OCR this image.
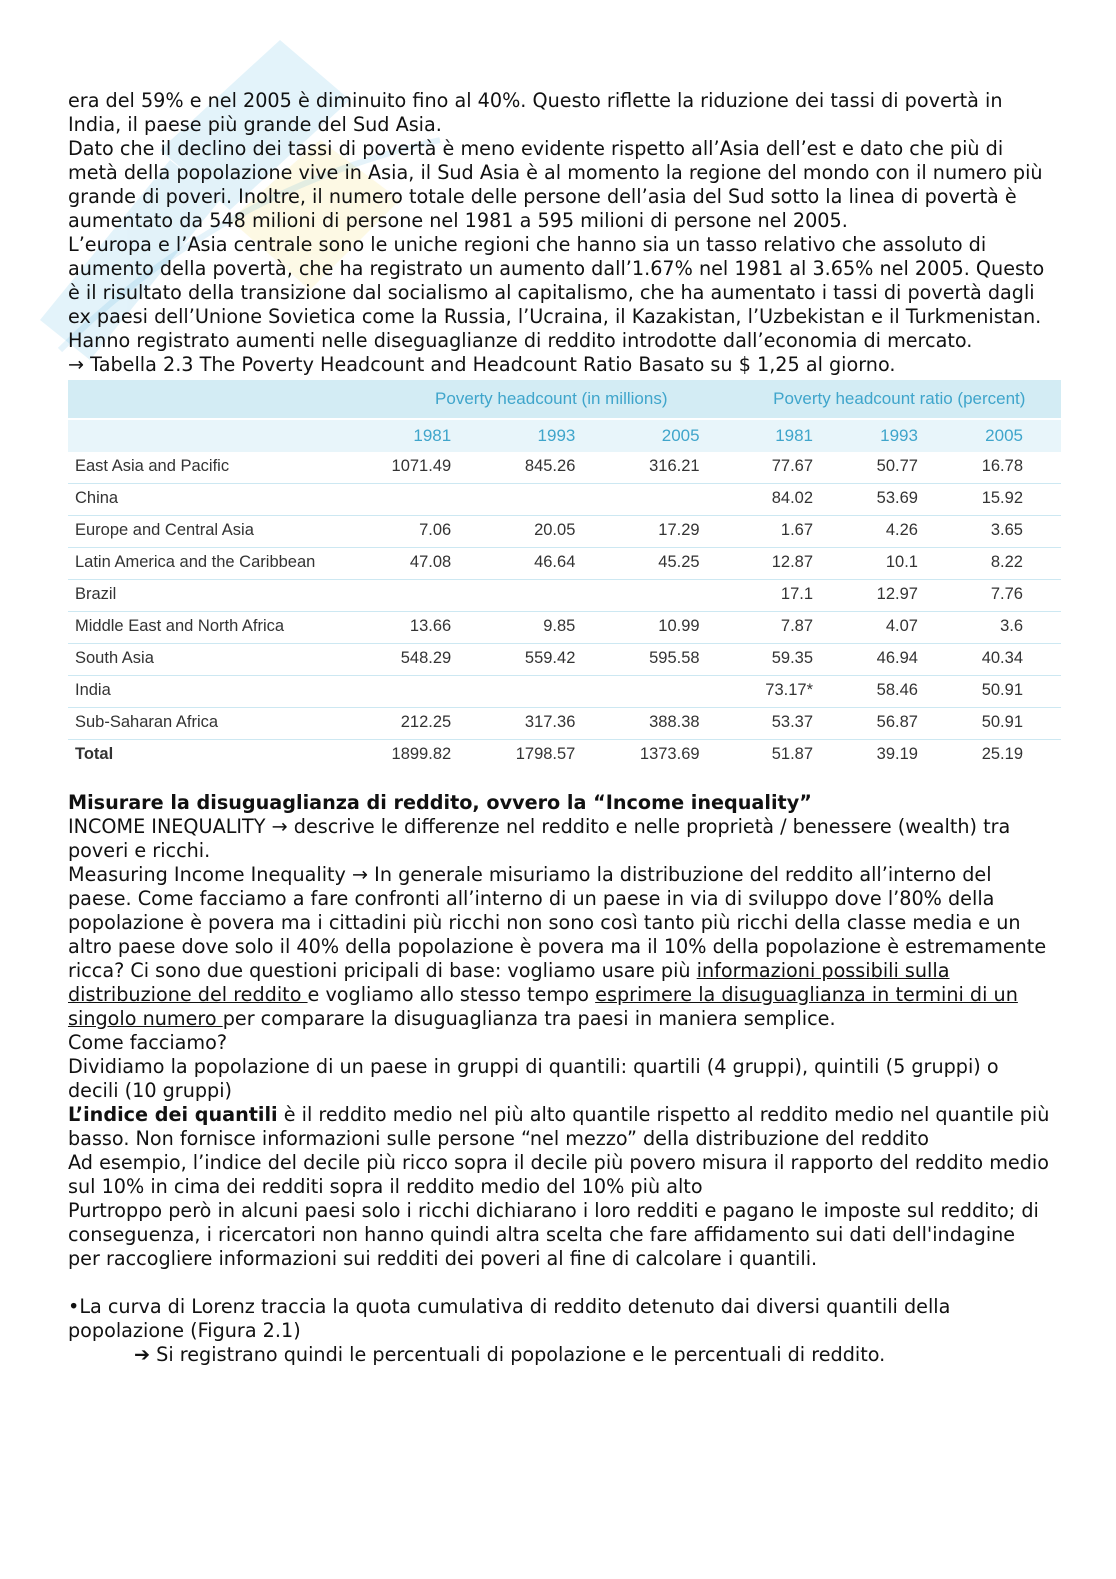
era del 59% e nel 2005 è diminuito fino al 40%. Questo riflette la riduzione dei tassi di povertà in India, il paese più grande del Sud Asia.

Dato che il declino dei tassi di povertà è meno evidente rispetto all’Asia dell’est e dato che più di metà della popolazione vive in Asia, il Sud Asia è al momento la regione del mondo con il numero più grande di poveri. Inoltre, il numero totale delle persone dell’asia del Sud sotto la linea di povertà è aumentato da 548 milioni di persone nel 1981 a 595 milioni di persone nel 2005.

L’europa e l’Asia centrale sono le uniche regioni che hanno sia un tasso relativo che assoluto di aumento della povertà, che ha registrato un aumento dall’1.67% nel 1981 al 3.65% nel 2005. Questo è il risultato della transizione dal socialismo al capitalismo, che ha aumentato i tassi di povertà dagli ex paesi dell’Unione Sovietica come la Russia, l’Ucraina, il Kazakistan, l’Uzbekistan e il Turkmenistan. Hanno registrato aumenti nelle diseguaglianze di reddito introdotte dall’economia di mercato.

→ Tabella 2.3 The Poverty Headcount and Headcount Ratio Basato su $ 1,25 al giorno.

	Poverty headcount (in millions)			Poverty headcount ratio (percent)		
	1981	1993	2005	1981	1993	2005
East Asia and Pacific	1071.49	845.26	316.21	77.67	50.77	16.78
China				84.02	53.69	15.92
Europe and Central Asia	7.06	20.05	17.29	1.67	4.26	3.65
Latin America and the Caribbean	47.08	46.64	45.25	12.87	10.1	8.22
Brazil				17.1	12.97	7.76
Middle East and North Africa	13.66	9.85	10.99	7.87	4.07	3.6
South Asia	548.29	559.42	595.58	59.35	46.94	40.34
India				73.17*	58.46	50.91
Sub-Saharan Africa	212.25	317.36	388.38	53.37	56.87	50.91
Total	1899.82	1798.57	1373.69	51.87	39.19	25.19

Misurare la disuguaglianza di reddito, ovvero la “Income inequality”

INCOME INEQUALITY → descrive le differenze nel reddito e nelle proprietà / benessere (wealth) tra poveri e ricchi.

Measuring Income Inequality → In generale misuriamo la distribuzione del reddito all’interno del paese. Come facciamo a fare confronti all’interno di un paese in via di sviluppo dove l’80% della popolazione è povera ma i cittadini più ricchi non sono così tanto più ricchi della classe media e un altro paese dove solo il 40% della popolazione è povera ma il 10% della popolazione è estremamente ricca? Ci sono due questioni pricipali di base: vogliamo usare più informazioni possibili sulla distribuzione del reddito e vogliamo allo stesso tempo esprimere la disuguaglianza in termini di un singolo numero per comparare la disuguaglianza tra paesi in maniera semplice.

Come facciamo?

Dividiamo la popolazione di un paese in gruppi di quantili: quartili (4 gruppi), quintili (5 gruppi) o decili (10 gruppi)

L’indice dei quantili è il reddito medio nel più alto quantile rispetto al reddito medio nel quantile più basso. Non fornisce informazioni sulle persone “nel mezzo” della distribuzione del reddito

Ad esempio, l’indice del decile più ricco sopra il decile più povero misura il rapporto del reddito medio sul 10% in cima dei redditi sopra il reddito medio del 10% più alto

Purtroppo però in alcuni paesi solo i ricchi dichiarano i loro redditi e pagano le imposte sul reddito; di conseguenza, i ricercatori non hanno quindi altra scelta che fare affidamento sui dati dell'indagine per raccogliere informazioni sui redditi dei poveri al fine di calcolare i quantili.

•La curva di Lorenz traccia la quota cumulativa di reddito detenuto dai diversi quantili della popolazione (Figura 2.1)

➔ Si registrano quindi le percentuali di popolazione e le percentuali di reddito.
